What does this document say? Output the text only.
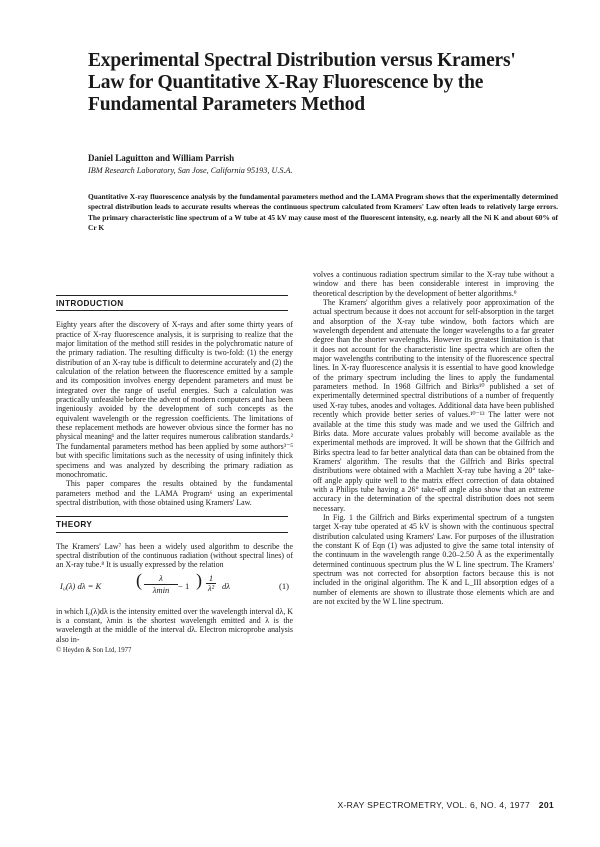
Experimental Spectral Distribution versus Kramers' Law for Quantitative X-Ray Fluorescence by the Fundamental Parameters Method
Daniel Laguitton and William Parrish
IBM Research Laboratory, San Jose, California 95193, U.S.A.
Quantitative X-ray fluorescence analysis by the fundamental parameters method and the LAMA Program shows that the experimentally determined spectral distribution leads to accurate results whereas the continuous spectrum calculated from Kramers' Law often leads to relatively large errors. The primary characteristic line spectrum of a W tube at 45 kV may cause most of the fluorescent intensity, e.g. nearly all the Ni K and about 60% of Cr K
INTRODUCTION

Eighty years after the discovery of X-rays and after some thirty years of practice of X-ray fluorescence analysis, it is surprising to realize that the major limitation of the method still resides in the polychromatic nature of the primary radiation. The resulting difficulty is two-fold: (1) the energy distribution of an X-ray tube is difficult to determine accurately and (2) the calculation of the relation between the fluorescence emitted by a sample and its composition involves energy dependent parameters and must be integrated over the range of useful energies. Such a calculation was practically unfeasible before the advent of modern computers and has been ingeniously avoided by the development of such concepts as the equivalent wavelength or the regression coefficients. The limitations of these replacement methods are however obvious since the former has no physical meaning¹ and the latter requires numerous calibration standards.² The fundamental parameters method has been applied by some authors³⁻⁵ but with specific limitations such as the necessity of using infinitely thick specimens and was analyzed by describing the primary radiation as monochromatic.

This paper compares the results obtained by the fundamental parameters method and the LAMA Program⁶ using an experimental spectral distribution, with those obtained using Kramers' Law.

THEORY

The Kramers' Law⁷ has been a widely used algorithm to describe the spectral distribution of the continuous radiation (without spectral lines) of an X-ray tube.⁸ It is usually expressed by the relation

I₀(λ) dλ = K (	λ
λmin	− 1 ) $\frac{1}{\text{λ²}}$ dλ	(1)

in which I₀(λ)dλ is the intensity emitted over the wavelength interval dλ, K is a constant, λmin is the shortest wavelength emitted and λ is the wavelength at the middle of the interval dλ. Electron microprobe analysis also in-

© Heyden & Son Ltd, 1977

volves a continuous radiation spectrum similar to the X-ray tube without a window and there has been considerable interest in improving the theoretical description by the development of better algorithms.⁹

The Kramers' algorithm gives a relatively poor approximation of the actual spectrum because it does not account for self-absorption in the target and absorption of the X-ray tube window, both factors which are wavelength dependent and attenuate the longer wavelengths to a far greater degree than the shorter wavelengths. However its greatest limitation is that it does not account for the characteristic line spectra which are often the major wavelengths contributing to the intensity of the fluorescence spectral lines. In X-ray fluorescence analysis it is essential to have good knowledge of the primary spectrum including the lines to apply the fundamental parameters method. In 1968 Gilfrich and Birks¹⁰ published a set of experimentally determined spectral distributions of a number of frequently used X-ray tubes, anodes and voltages. Additional data have been published recently which provide better series of values.¹⁰⁻¹³ The latter were not available at the time this study was made and we used the Gilfrich and Birks data. More accurate values probably will become available as the experimental methods are improved. It will be shown that the Gilfrich and Birks spectra lead to far better analytical data than can be obtained from the Kramers' algorithm. The results that the Gilfrich and Birks spectral distributions were obtained with a Machlett X-ray tube having a 20° take-off angle apply quite well to the matrix effect correction of data obtained with a Philips tube having a 26° take-off angle also show that an extreme accuracy in the determination of the spectral distribution does not seem necessary.

In Fig. 1 the Gilfrich and Birks experimental spectrum of a tungsten target X-ray tube operated at 45 kV is shown with the continuous spectral distribution calculated using Kramers' Law. For purposes of the illustration the constant K of Eqn (1) was adjusted to give the same total intensity of the continuum in the wavelength range 0.20–2.50 Å as the experimentally determined continuous spectrum plus the W L line spectrum. The Kramers' spectrum was not corrected for absorption factors because this is not included in the original algorithm. The K and L_III absorption edges of a number of elements are shown to illustrate those elements which are and are not excited by the W L line spectrum.

X-RAY SPECTROMETRY, VOL. 6, NO. 4, 1977 201
